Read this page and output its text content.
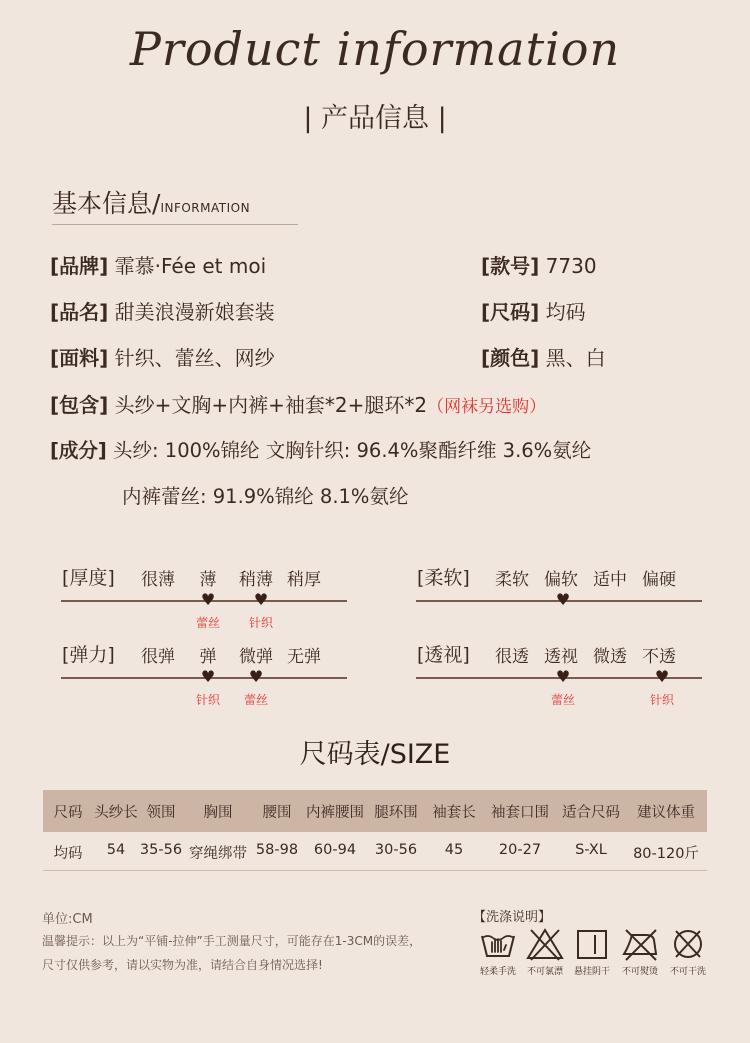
Product information
| 产品信息 |
基本信息/INFORMATION
[品牌] 霏慕·Fée et moi	[款号] 7730
[品名] 甜美浪漫新娘套装	[尺码] 均码
[面料] 针织、蕾丝、网纱	[颜色] 黑、白
[包含] 头纱+文胸+内裤+袖套*2+腿环*2（网袜另选购）
[成分] 头纱: 100%锦纶 文胸针织: 96.4%聚酯纤维 3.6%氨纶
内裤蕾丝: 91.9%锦纶 8.1%氨纶
[厚度] 很薄	薄	稍薄 稍厚
♥ ♥
蕾丝	针织
[柔软] 柔软 偏软 适中 偏硬
♥
[弹力] 很弹	弹	微弹 无弹
♥ ♥
针织	蕾丝
[透视] 很透 透视 微透 不透
♥	♥
蕾丝	针织
尺码表/SIZE
尺码 头纱长 领围	胸围	腰围	内裤腰围 腿环围 袖套长	袖套口围 适合尺码	建议体重
均码	54	35-56 穿绳绑带 58-98	60-94	30-56	45	20-27	S-XL	80-120斤
单位:CM
温馨提示：以上为“平铺-拉伸”手工测量尺寸，可能存在1-3CM的误差，
尺寸仅供参考，请以实物为准，请结合自身情况选择!
【洗涤说明】
轻柔手洗	不可氯漂	悬挂阴干	不可熨烫	不可干洗
